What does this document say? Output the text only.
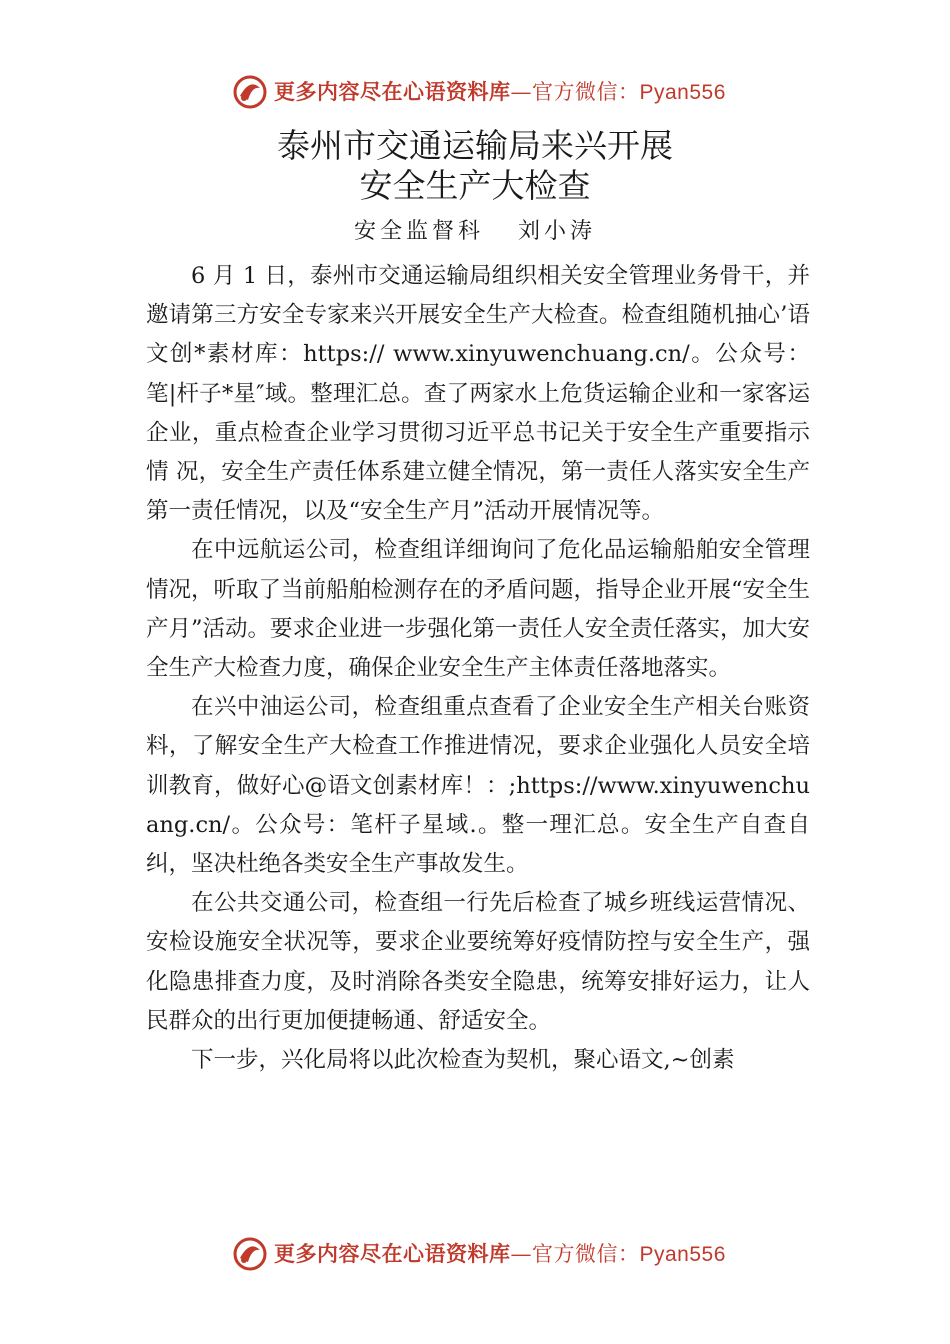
更多内容尽在心语资料库—官方微信：Pyan556
泰州市交通运输局来兴开展
安全生产大检查
安全监督科 刘小涛

6 月 1 日，泰州市交通运输局组织相关安全管理业务骨干，并邀请第三方安全专家来兴开展安全生产大检查。检查组随机抽心’语文创*素材库：https:// www.xinyuwenchuang.cn/。公众号：笔|杆子*星″域。整理汇总。查了两家水上危货运输企业和一家客运企业，重点检查企业学习贯彻习近平总书记关于安全生产重要指示情 况，安全生产责任体系建立健全情况，第一责任人落实安全生产第一责任情况，以及“安全生产月”活动开展情况等。

在中远航运公司，检查组详细询问了危化品运输船舶安全管理情况，听取了当前船舶检测存在的矛盾问题，指导企业开展“安全生产月”活动。要求企业进一步强化第一责任人安全责任落实，加大安全生产大检查力度，确保企业安全生产主体责任落地落实。

在兴中油运公司，检查组重点查看了企业安全生产相关台账资料，了解安全生产大检查工作推进情况，要求企业强化人员安全培训教育，做好心@语文创素材库！：;https://www.xinyuwenchuang.cn/。公众号：笔杆子星域.。整一理汇总。安全生产自查自纠，坚决杜绝各类安全生产事故发生。

在公共交通公司，检查组一行先后检查了城乡班线运营情况、安检设施安全状况等，要求企业要统筹好疫情防控与安全生产，强化隐患排查力度，及时消除各类安全隐患，统筹安排好运力，让人民群众的出行更加便捷畅通、舒适安全。

下一步，兴化局将以此次检查为契机，聚心语文,~创素

更多内容尽在心语资料库—官方微信：Pyan556
